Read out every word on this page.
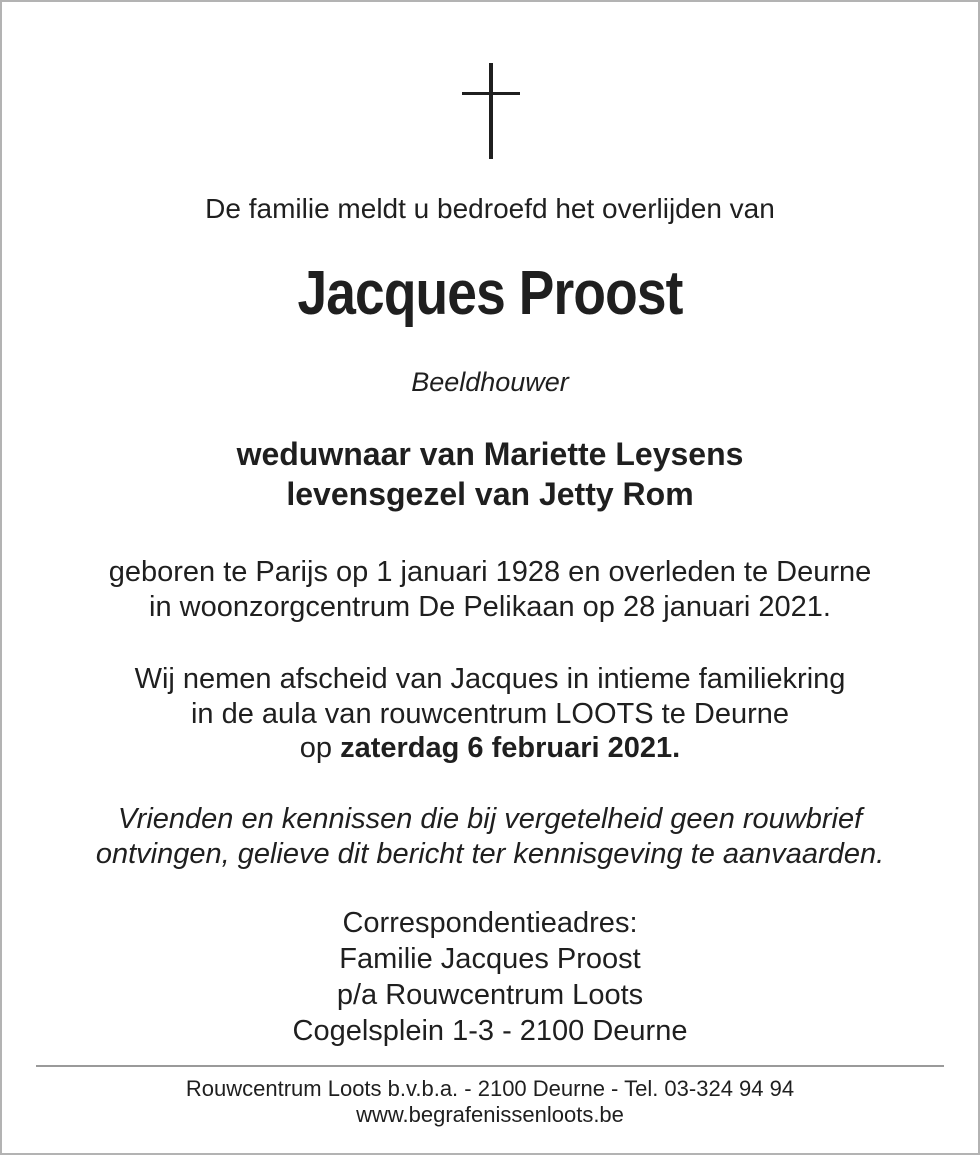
De familie meldt u bedroefd het overlijden van
Jacques Proost
Beeldhouwer
weduwnaar van Mariette Leysens
levensgezel van Jetty Rom
geboren te Parijs op 1 januari 1928 en overleden te Deurne
in woonzorgcentrum De Pelikaan op 28 januari 2021.
Wij nemen afscheid van Jacques in intieme familiekring
in de aula van rouwcentrum LOOTS te Deurne
op zaterdag 6 februari 2021.
Vrienden en kennissen die bij vergetelheid geen rouwbrief
ontvingen, gelieve dit bericht ter kennisgeving te aanvaarden.
Correspondentieadres:
Familie Jacques Proost
p/a Rouwcentrum Loots
Cogelsplein 1-3 - 2100 Deurne
Rouwcentrum Loots b.v.b.a. - 2100 Deurne - Tel. 03-324 94 94
www.begrafenissenloots.be
